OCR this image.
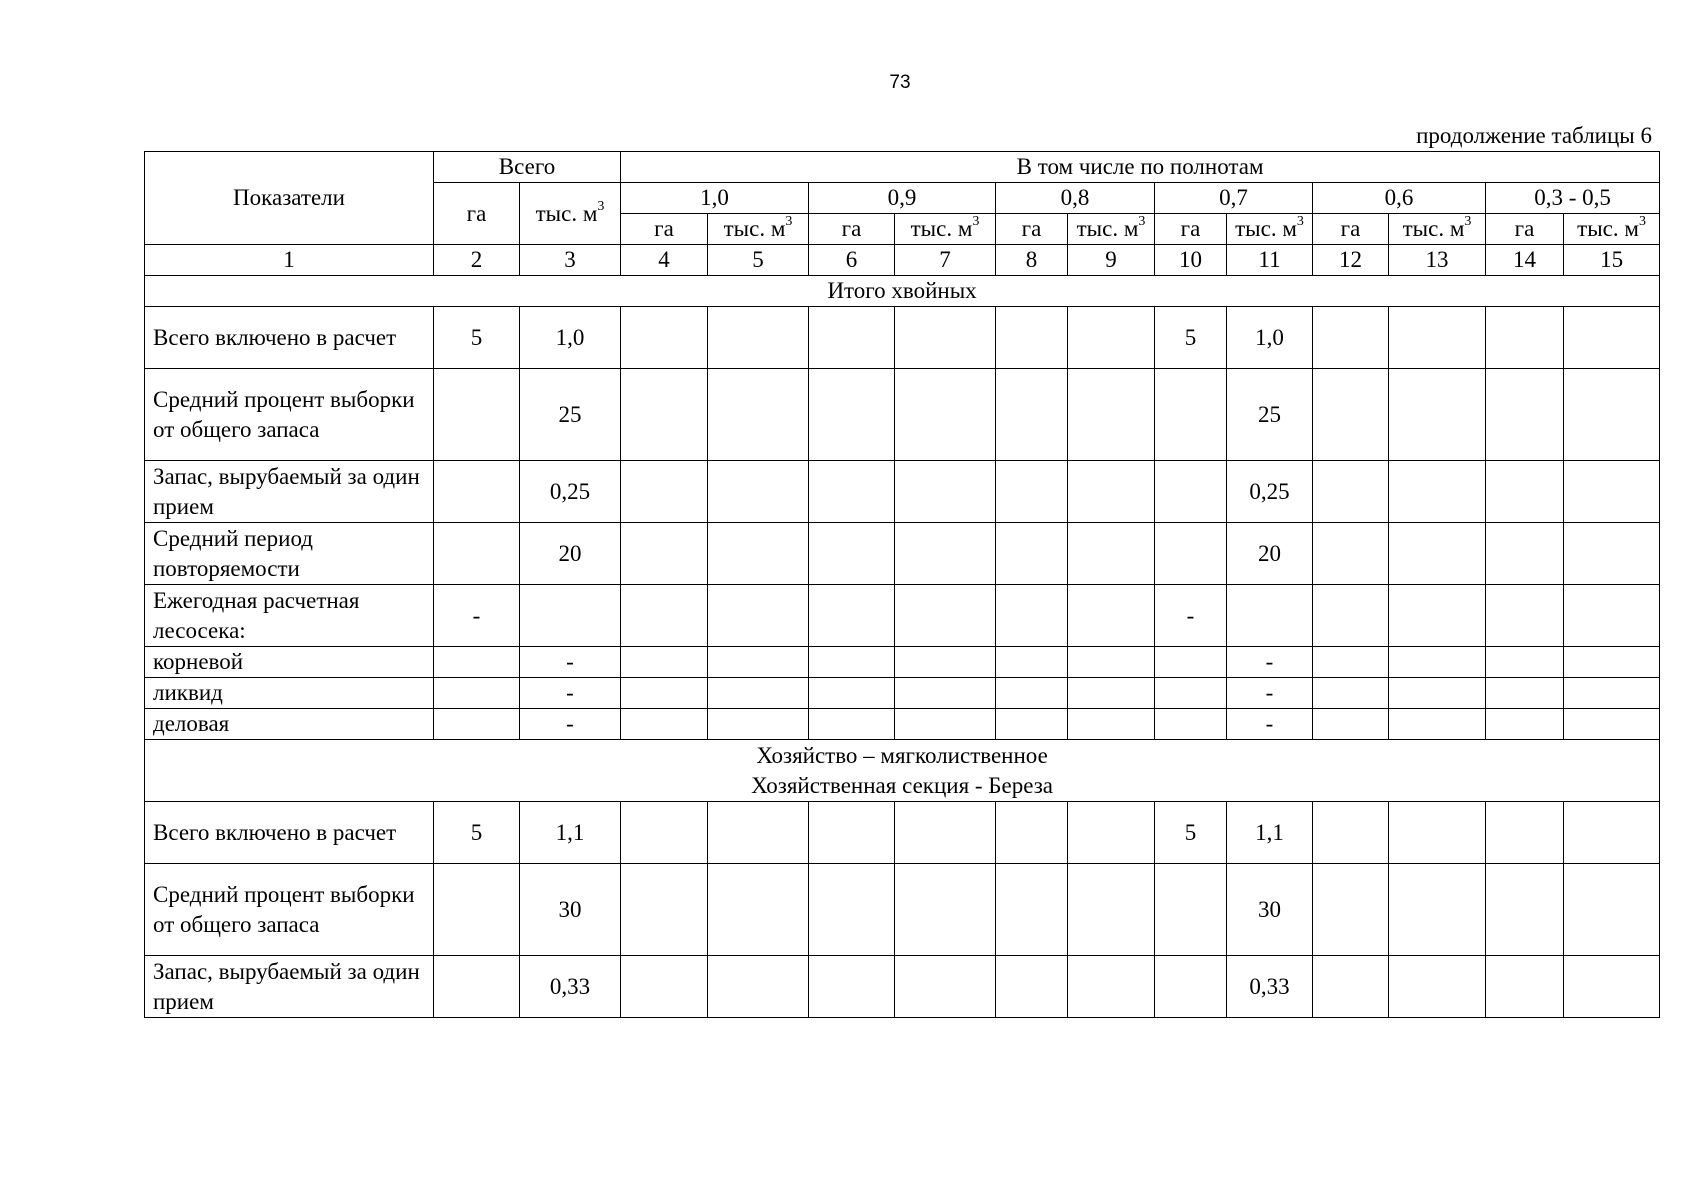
73
продолжение таблицы 6
Показатели	Всего		В том числе по полнотам											
	га	тыс. $м^3$	1,0		0,9		0,8		0,7		0,6		0,3 - 0,5	
			га	тыс. $м^3$	га	тыс. $м^3$	га	тыс. $м^3$	га	тыс. $м^3$	га	тыс. $м^3$	га	тыс. $м^3$
1	2	3	4	5	6	7	8	9	10	11	12	13	14	15

Итого хвойных														

Всего включено в расчет	5	1,0							5	1,0				
Средний процент выборки от общего запаса		25								25				
Запас, вырубаемый за один прием		0,25								0,25				
Средний период повторяемости		20								20				
Ежегодная расчетная лесосека:	-								-					
корневой		-								-				
ликвид		-								-				
деловая		-								-				

Хозяйство – мягколиственное
Хозяйственная секция - Береза														

Всего включено в расчет	5	1,1							5	1,1				
Средний процент выборки от общего запаса		30								30				
Запас, вырубаемый за один прием		0,33								0,33				
